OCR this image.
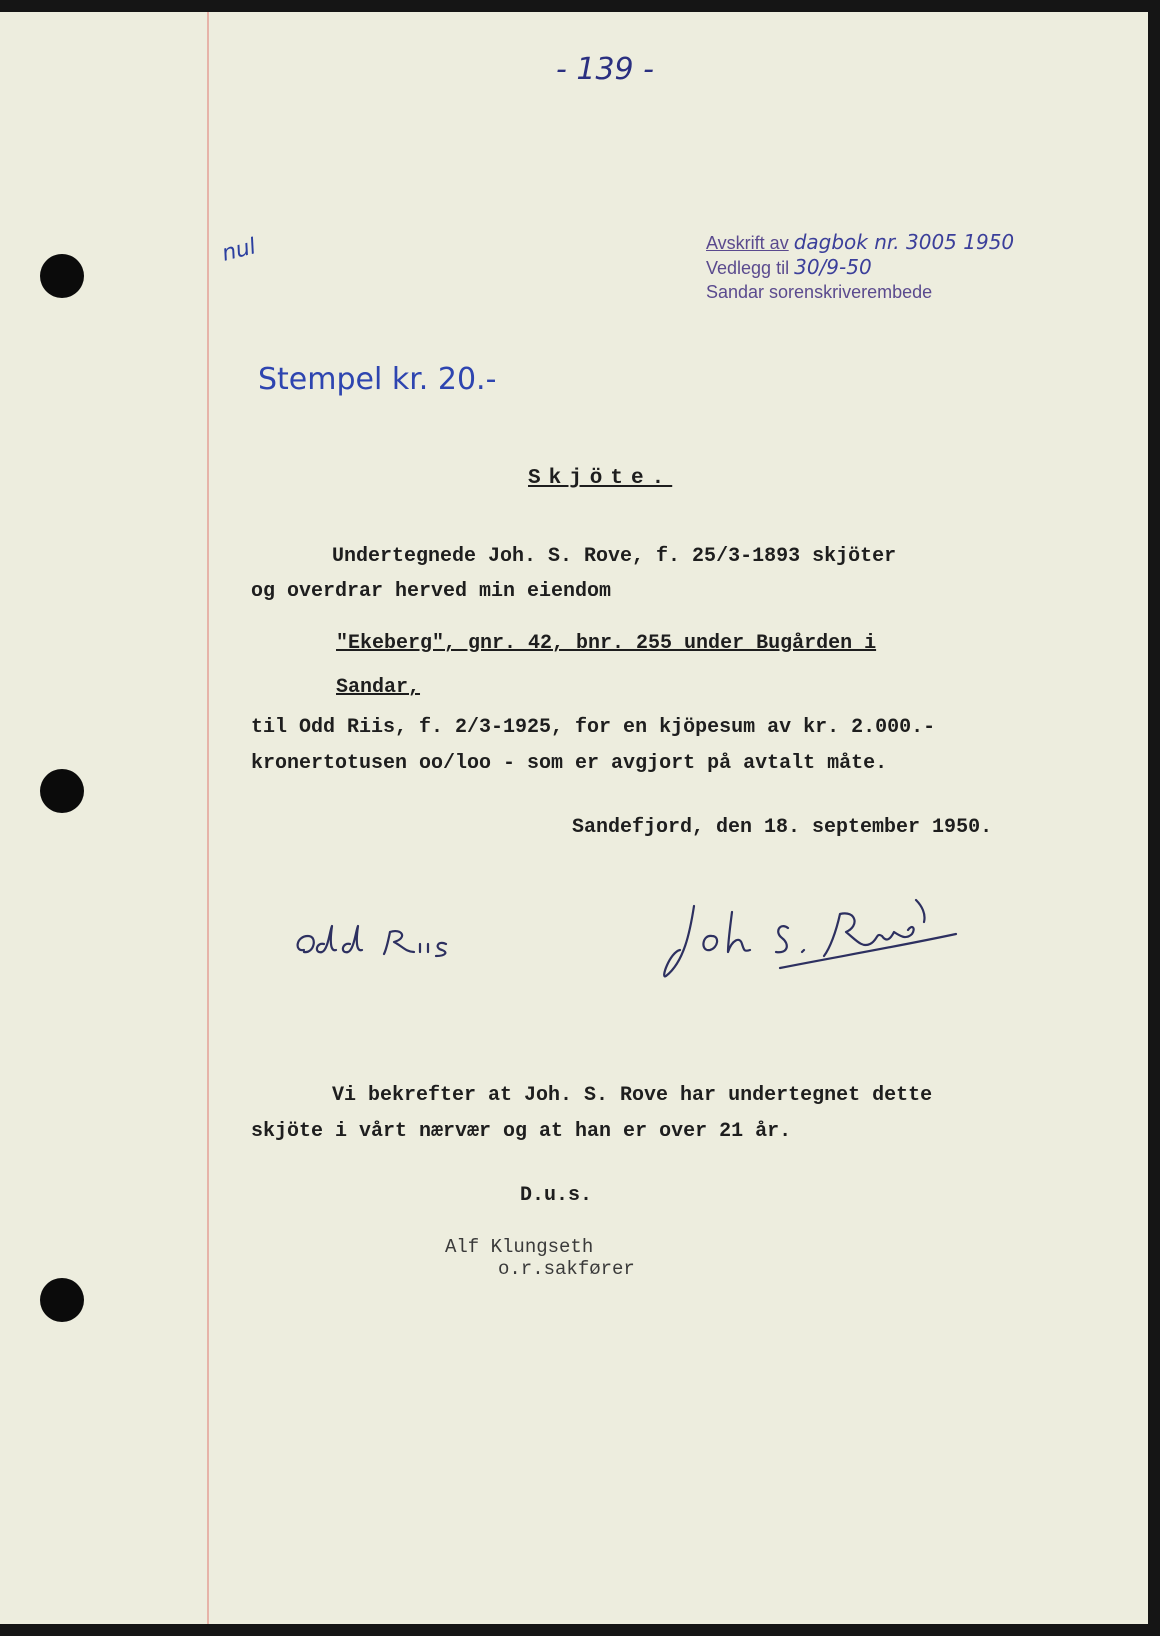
- 139 -
nul	Avskrift av dagbok nr. 3005 1950
Vedlegg til 30/9-50
Sandar sorenskriverembede
Stempel kr. 20.-
Skjöte.
Undertegnede Joh. S. Rove, f. 25/3-1893 skjöter
og overdrar herved min eiendom
"Ekeberg", gnr. 42, bnr. 255 under Bugården i
Sandar,
til Odd Riis, f. 2/3-1925, for en kjöpesum av kr. 2.000.-
kronertotusen oo/loo - som er avgjort på avtalt måte.
Sandefjord, den 18. september 1950.
Vi bekrefter at Joh. S. Rove har undertegnet dette
skjöte i vårt nærvær og at han er over 21 år.
D.u.s.
Alf Klungseth
o.r.sakfører
